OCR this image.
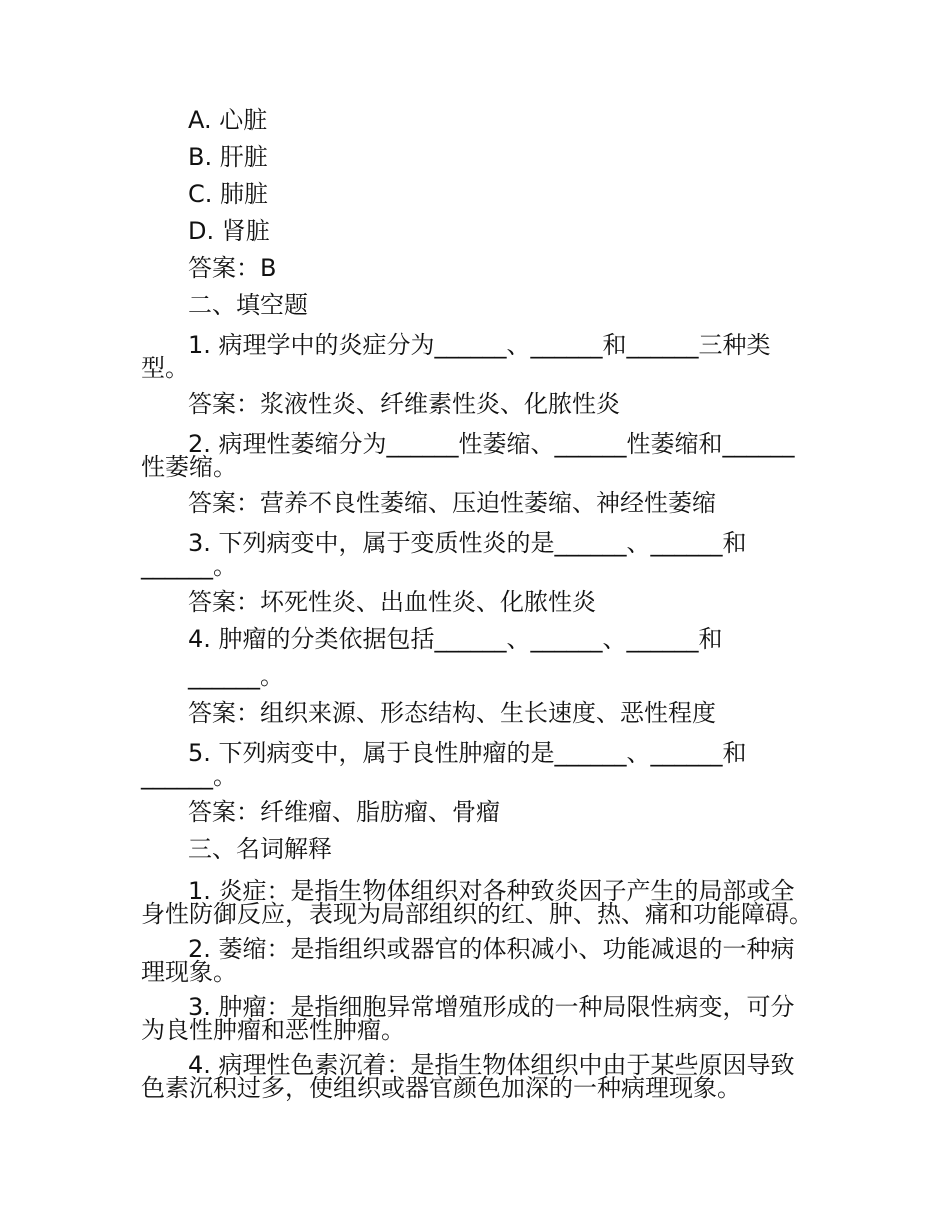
A. 心脏

B. 肝脏

C. 肺脏

D. 肾脏

答案：B

二、填空题

1. 病理学中的炎症分为______、______和______三种类型。

答案：浆液性炎、纤维素性炎、化脓性炎

2. 病理性萎缩分为______性萎缩、______性萎缩和______性萎缩。

答案：营养不良性萎缩、压迫性萎缩、神经性萎缩

3. 下列病变中，属于变质性炎的是______、______和______。

答案：坏死性炎、出血性炎、化脓性炎

4. 肿瘤的分类依据包括______、______、______和______。

答案：组织来源、形态结构、生长速度、恶性程度

5. 下列病变中，属于良性肿瘤的是______、______和______。

答案：纤维瘤、脂肪瘤、骨瘤

三、名词解释

1. 炎症：是指生物体组织对各种致炎因子产生的局部或全身性防御反应，表现为局部组织的红、肿、热、痛和功能障碍。

2. 萎缩：是指组织或器官的体积减小、功能减退的一种病理现象。

3. 肿瘤：是指细胞异常增殖形成的一种局限性病变，可分为良性肿瘤和恶性肿瘤。

4. 病理性色素沉着：是指生物体组织中由于某些原因导致色素沉积过多，使组织或器官颜色加深的一种病理现象。
